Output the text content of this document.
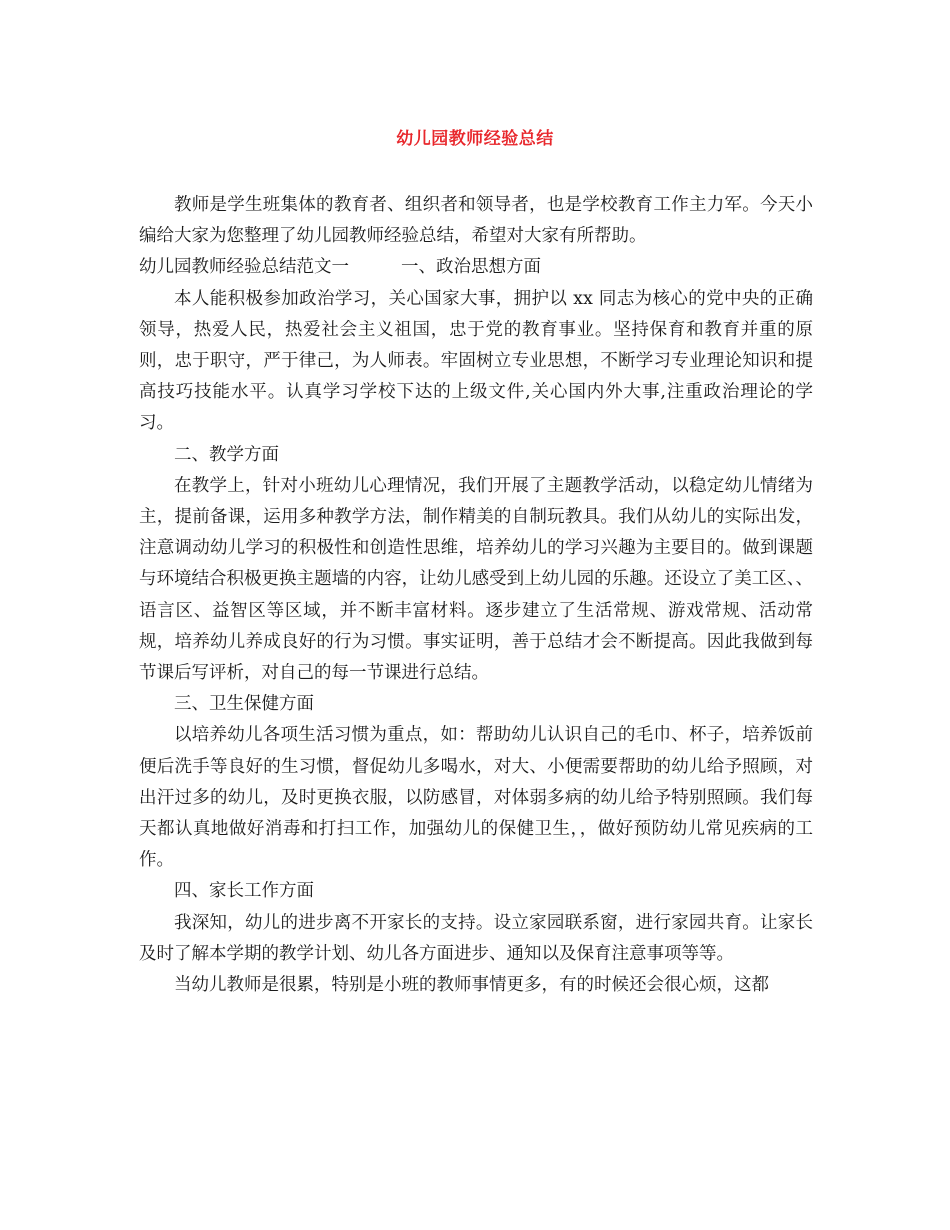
幼儿园教师经验总结

教师是学生班集体的教育者、组织者和领导者，也是学校教育工作主力军。今天小编给大家为您整理了幼儿园教师经验总结，希望对大家有所帮助。

幼儿园教师经验总结范文一	一、政治思想方面

本人能积极参加政治学习，关心国家大事，拥护以 xx 同志为核心的党中央的正确领导，热爱人民，热爱社会主义祖国，忠于党的教育事业。坚持保育和教育并重的原则，忠于职守，严于律己，为人师表。牢固树立专业思想，不断学习专业理论知识和提高技巧技能水平。认真学习学校下达的上级文件,关心国内外大事,注重政治理论的学习。

二、教学方面

在教学上，针对小班幼儿心理情况，我们开展了主题教学活动，以稳定幼儿情绪为主，提前备课，运用多种教学方法，制作精美的自制玩教具。我们从幼儿的实际出发，注意调动幼儿学习的积极性和创造性思维，培养幼儿的学习兴趣为主要目的。做到课题与环境结合积极更换主题墙的内容，让幼儿感受到上幼儿园的乐趣。还设立了美工区、、语言区、益智区等区域，并不断丰富材料。逐步建立了生活常规、游戏常规、活动常规，培养幼儿养成良好的行为习惯。事实证明，善于总结才会不断提高。因此我做到每节课后写评析，对自己的每一节课进行总结。

三、卫生保健方面

以培养幼儿各项生活习惯为重点，如：帮助幼儿认识自己的毛巾、杯子，培养饭前便后洗手等良好的生习惯，督促幼儿多喝水，对大、小便需要帮助的幼儿给予照顾，对出汗过多的幼儿，及时更换衣服，以防感冒，对体弱多病的幼儿给予特别照顾。我们每天都认真地做好消毒和打扫工作，加强幼儿的保健卫生，，做好预防幼儿常见疾病的工作。

四、家长工作方面

我深知，幼儿的进步离不开家长的支持。设立家园联系窗，进行家园共育。让家长及时了解本学期的教学计划、幼儿各方面进步、通知以及保育注意事项等等。

当幼儿教师是很累，特别是小班的教师事情更多，有的时候还会很心烦，这都
